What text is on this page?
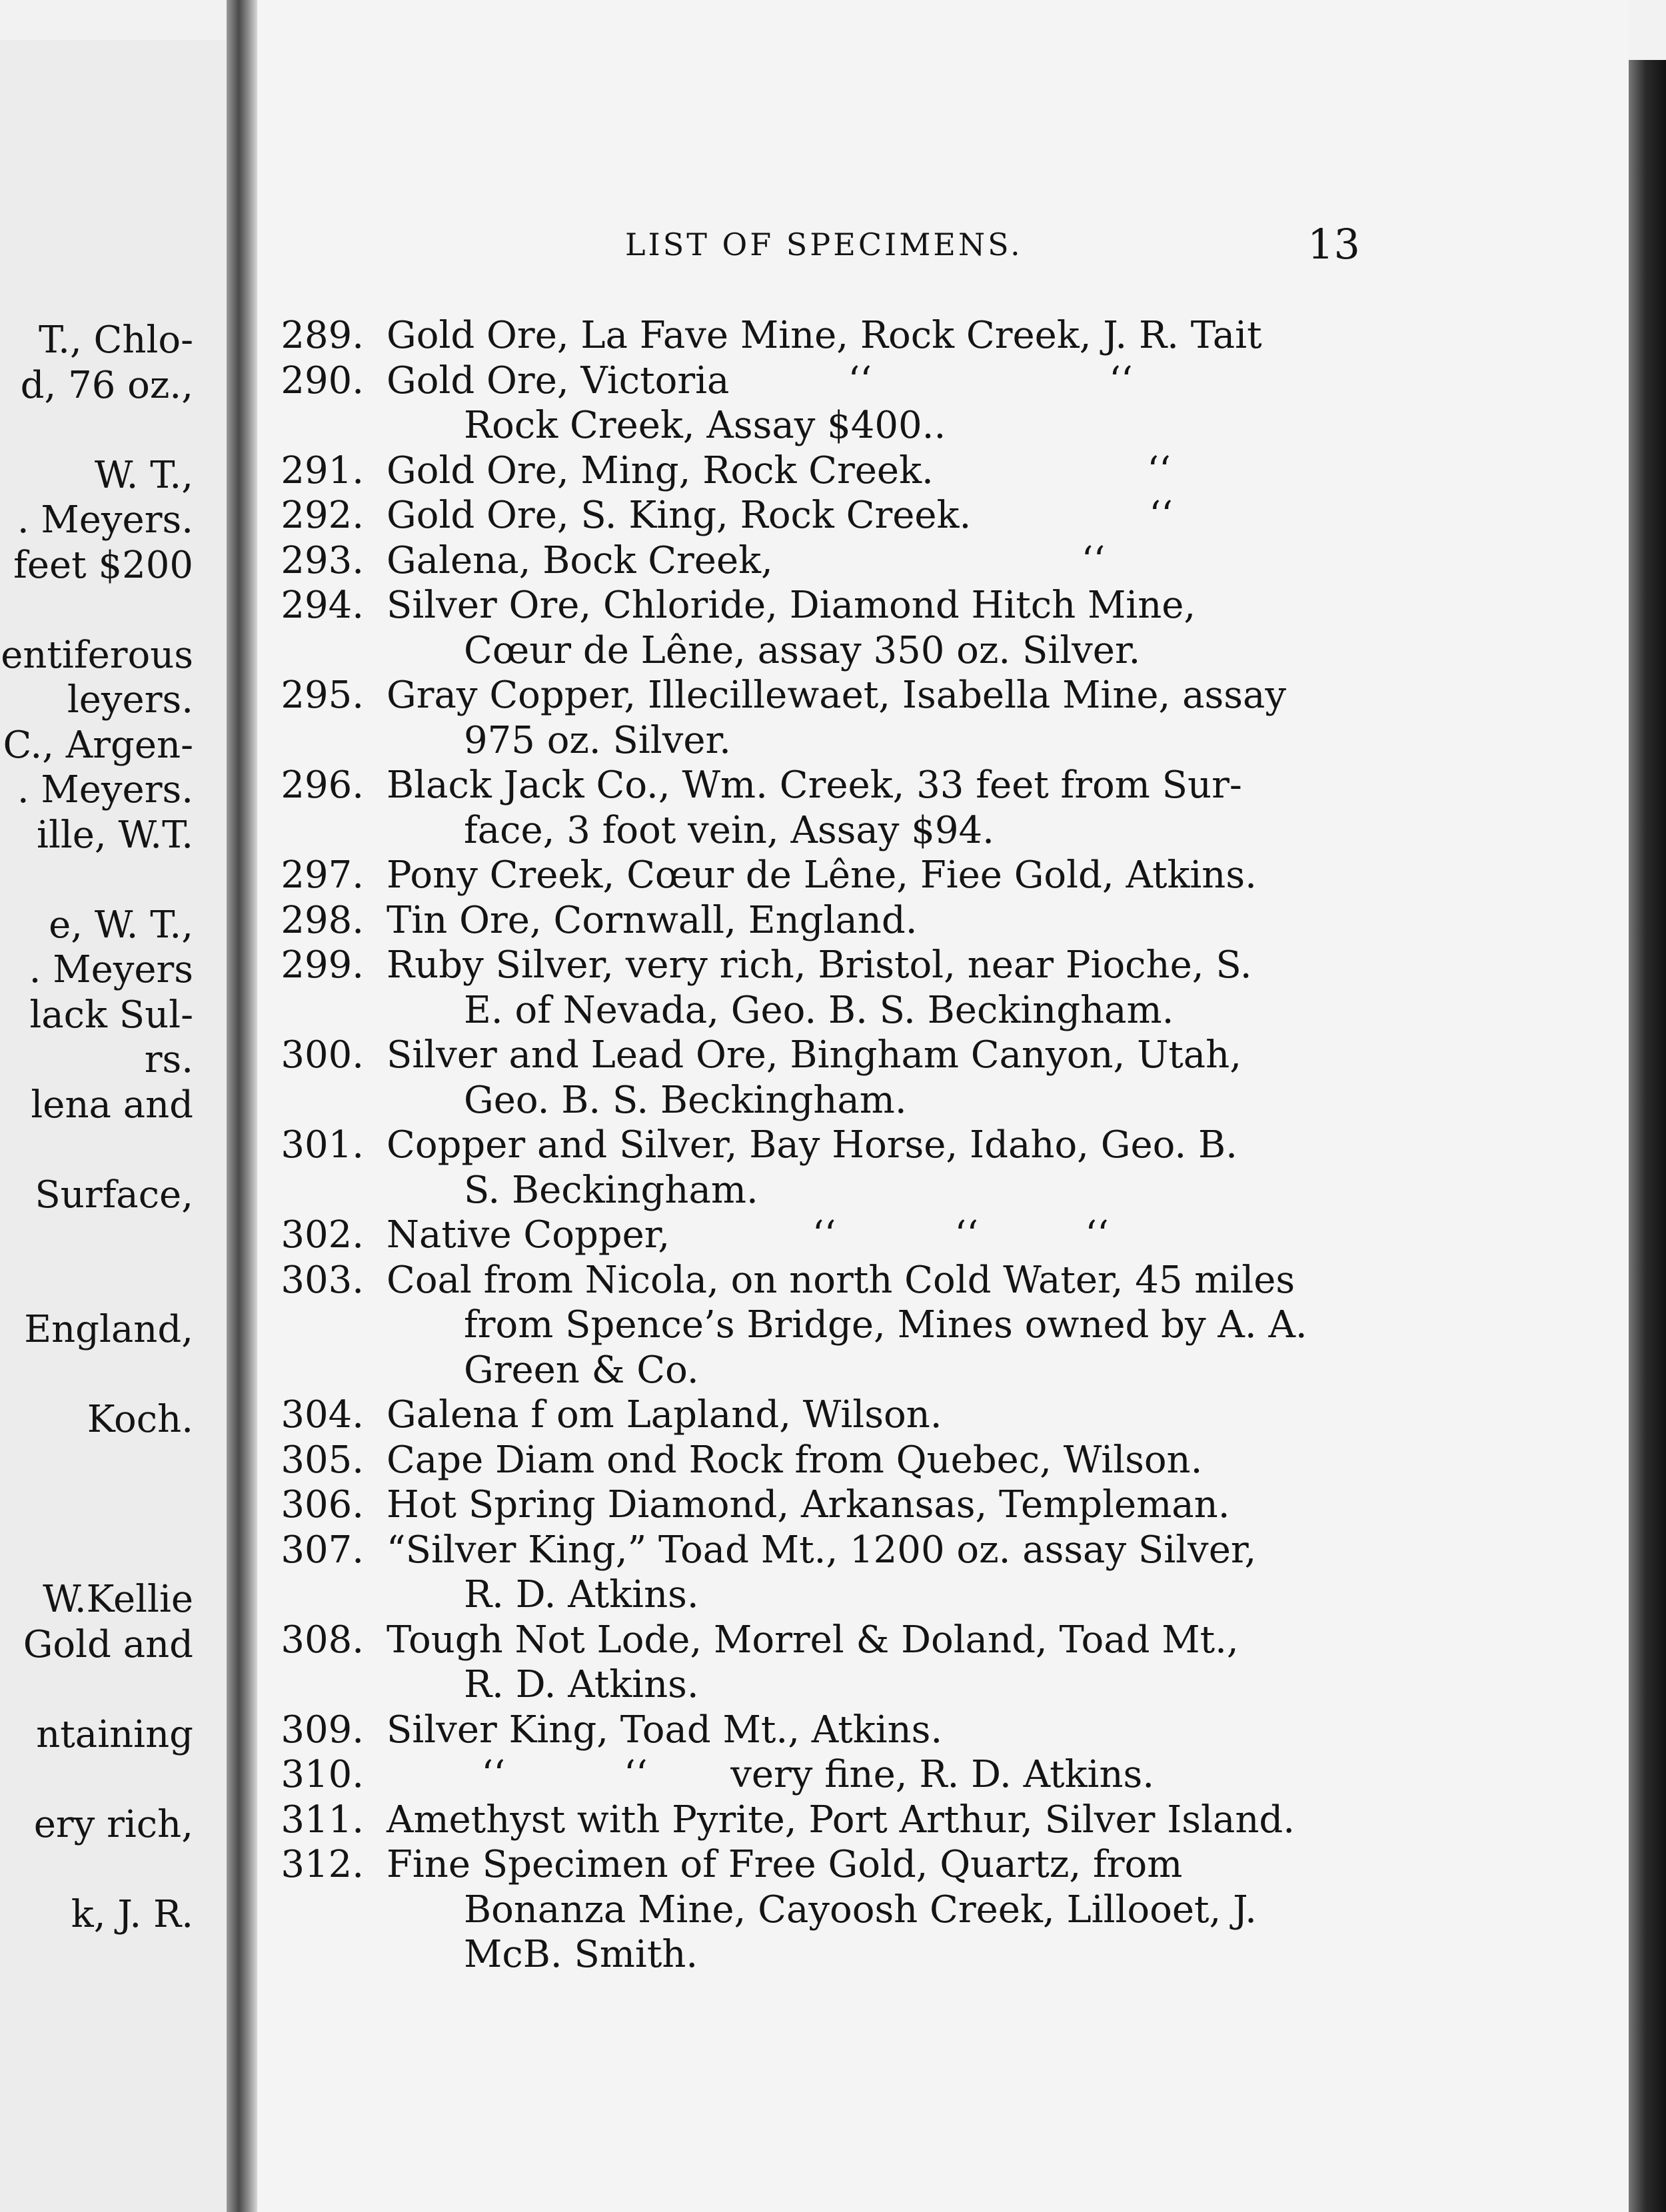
T., Chlo-
d, 76 oz.,
W. T.,
. Meyers.
feet $200
entiferous
leyers.
C., Argen-
. Meyers.
ille, W.T.
e, W. T.,
. Meyers
lack Sul-
rs.
lena and
Surface,
England,
Koch.
W.Kellie
Gold and
ntaining
ery rich,
k, J. R.
LIST OF SPECIMENS.	13
289. Gold Ore, La Fave Mine, Rock Creek, J. R. Tait
290. Gold Ore, Victoria          ‘‘                    ‘‘
Rock Creek, Assay $400..
291. Gold Ore, Ming, Rock Creek.                  ‘‘
292. Gold Ore, S. King, Rock Creek.               ‘‘
293. Galena, Bock Creek,                          ‘‘
294. Silver Ore, Chloride, Diamond Hitch Mine,
Cœur de Lêne, assay 350 oz. Silver.
295. Gray Copper, Illecillewaet, Isabella Mine, assay
975 oz. Silver.
296. Black Jack Co., Wm. Creek, 33 feet from Sur-
face, 3 foot vein, Assay $94.
297. Pony Creek, Cœur de Lêne, Fiee Gold, Atkins.
298. Tin Ore, Cornwall, England.
299. Ruby Silver, very rich, Bristol, near Pioche, S.
E. of Nevada, Geo. B. S. Beckingham.
300. Silver and Lead Ore, Bingham Canyon, Utah,
Geo. B. S. Beckingham.
301. Copper and Silver, Bay Horse, Idaho, Geo. B.
S. Beckingham.
302. Native Copper,            ‘‘          ‘‘         ‘‘
303. Coal from Nicola, on north Cold Water, 45 miles
from Spence’s Bridge, Mines owned by A. A.
Green & Co.
304. Galena f om Lapland, Wilson.
305. Cape Diam ond Rock from Quebec, Wilson.
306. Hot Spring Diamond, Arkansas, Templeman.
307. “Silver King,” Toad Mt., 1200 oz. assay Silver,
R. D. Atkins.
308. Tough Not Lode, Morrel & Doland, Toad Mt.,
R. D. Atkins.
309. Silver King, Toad Mt., Atkins.
310. ‘‘          ‘‘       very fine, R. D. Atkins.
311. Amethyst with Pyrite, Port Arthur, Silver Island.
312. Fine Specimen of Free Gold, Quartz, from
Bonanza Mine, Cayoosh Creek, Lillooet, J.
McB. Smith.
